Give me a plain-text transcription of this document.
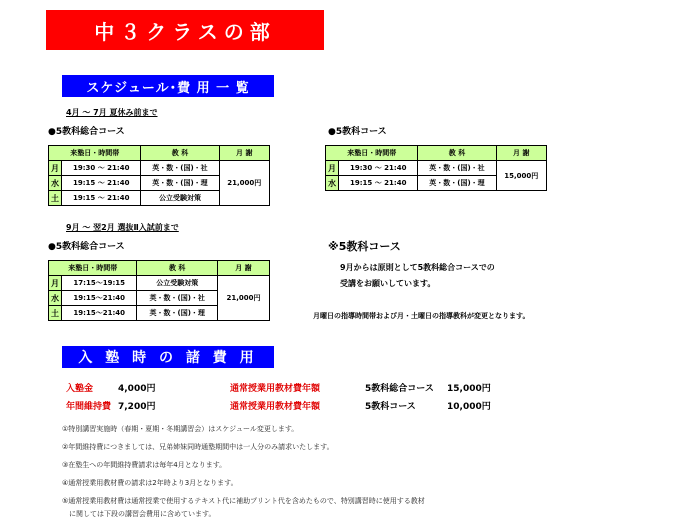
中３クラスの部
スケジュール･費 用 一 覧
4月 〜 7月 夏休み前まで
●5教科総合コース	●5教科コース
来塾日・時間帯		教 科	月 謝
月	19:30 〜 21:40	英・数・(国)・社	21,000円
水	19:15 〜 21:40	英・数・(国)・理	
土	19:15 〜 21:40	公立受験対策	
来塾日・時間帯		教 科	月 謝
月	19:30 〜 21:40	英・数・(国)・社	15,000円
水	19:15 〜 21:40	英・数・(国)・理	
9月 〜 翌2月 選抜Ⅱ入試前まで
●5教科総合コース	※5教科コース
9月からは原則として5教科総合コースでの
受講をお願いしています。
月曜日の指導時間帯および月・土曜日の指導教科が変更となります。
来塾日・時間帯		教 科	月 謝
月	17:15〜19:15	公立受験対策	21,000円
水	19:15〜21:40	英・数・(国)・社	
土	19:15〜21:40	英・数・(国)・理	
入 塾 時 の 諸 費 用
入塾金	4,000円
年間維持費 7,200円
通常授業用教材費年額	5教科総合コース 15,000円
通常授業用教材費年額	5教科コース	10,000円
①特別講習実施時（春期・夏期・冬期講習会）はスケジュール変更します。
②年間維持費につきましては、兄弟姉妹同時通塾期間中は一人分のみ請求いたします。
③在塾生への年間維持費請求は毎年4月となります。
④通常授業用教材費の請求は2年時より3月となります。
⑤通常授業用教材費は通常授業で使用するテキスト代に補助プリント代を含めたもので、特別講習時に使用する教材
　に関しては下段の講習会費用に含めています。
